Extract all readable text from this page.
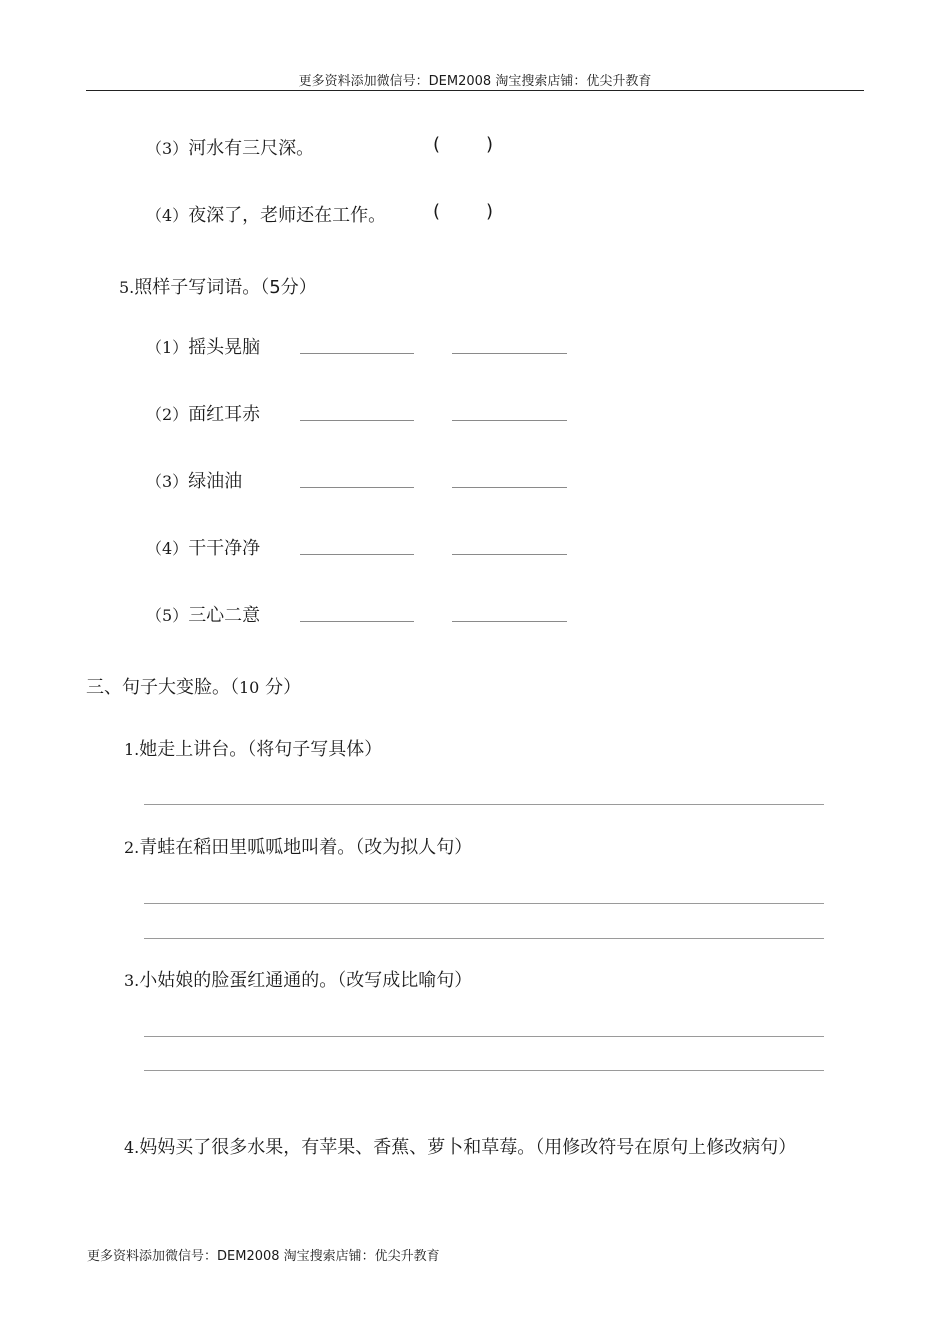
更多资料添加微信号：DEM2008 淘宝搜索店铺：优尖升教育
（3）河水有三尺深。	(	)
（4）夜深了，老师还在工作。	(	)
5.照样子写词语。（5分）
（1）摇头晃脑
（2）面红耳赤
（3）绿油油
（4）干干净净
（5）三心二意
三、句子大变脸。（10 分）
1.她走上讲台。（将句子写具体）
2.青蛙在稻田里呱呱地叫着。（改为拟人句）
3.小姑娘的脸蛋红通通的。（改写成比喻句）
4.妈妈买了很多水果，有苹果、香蕉、萝卜和草莓。（用修改符号在原句上修改病句）
更多资料添加微信号：DEM2008 淘宝搜索店铺：优尖升教育
